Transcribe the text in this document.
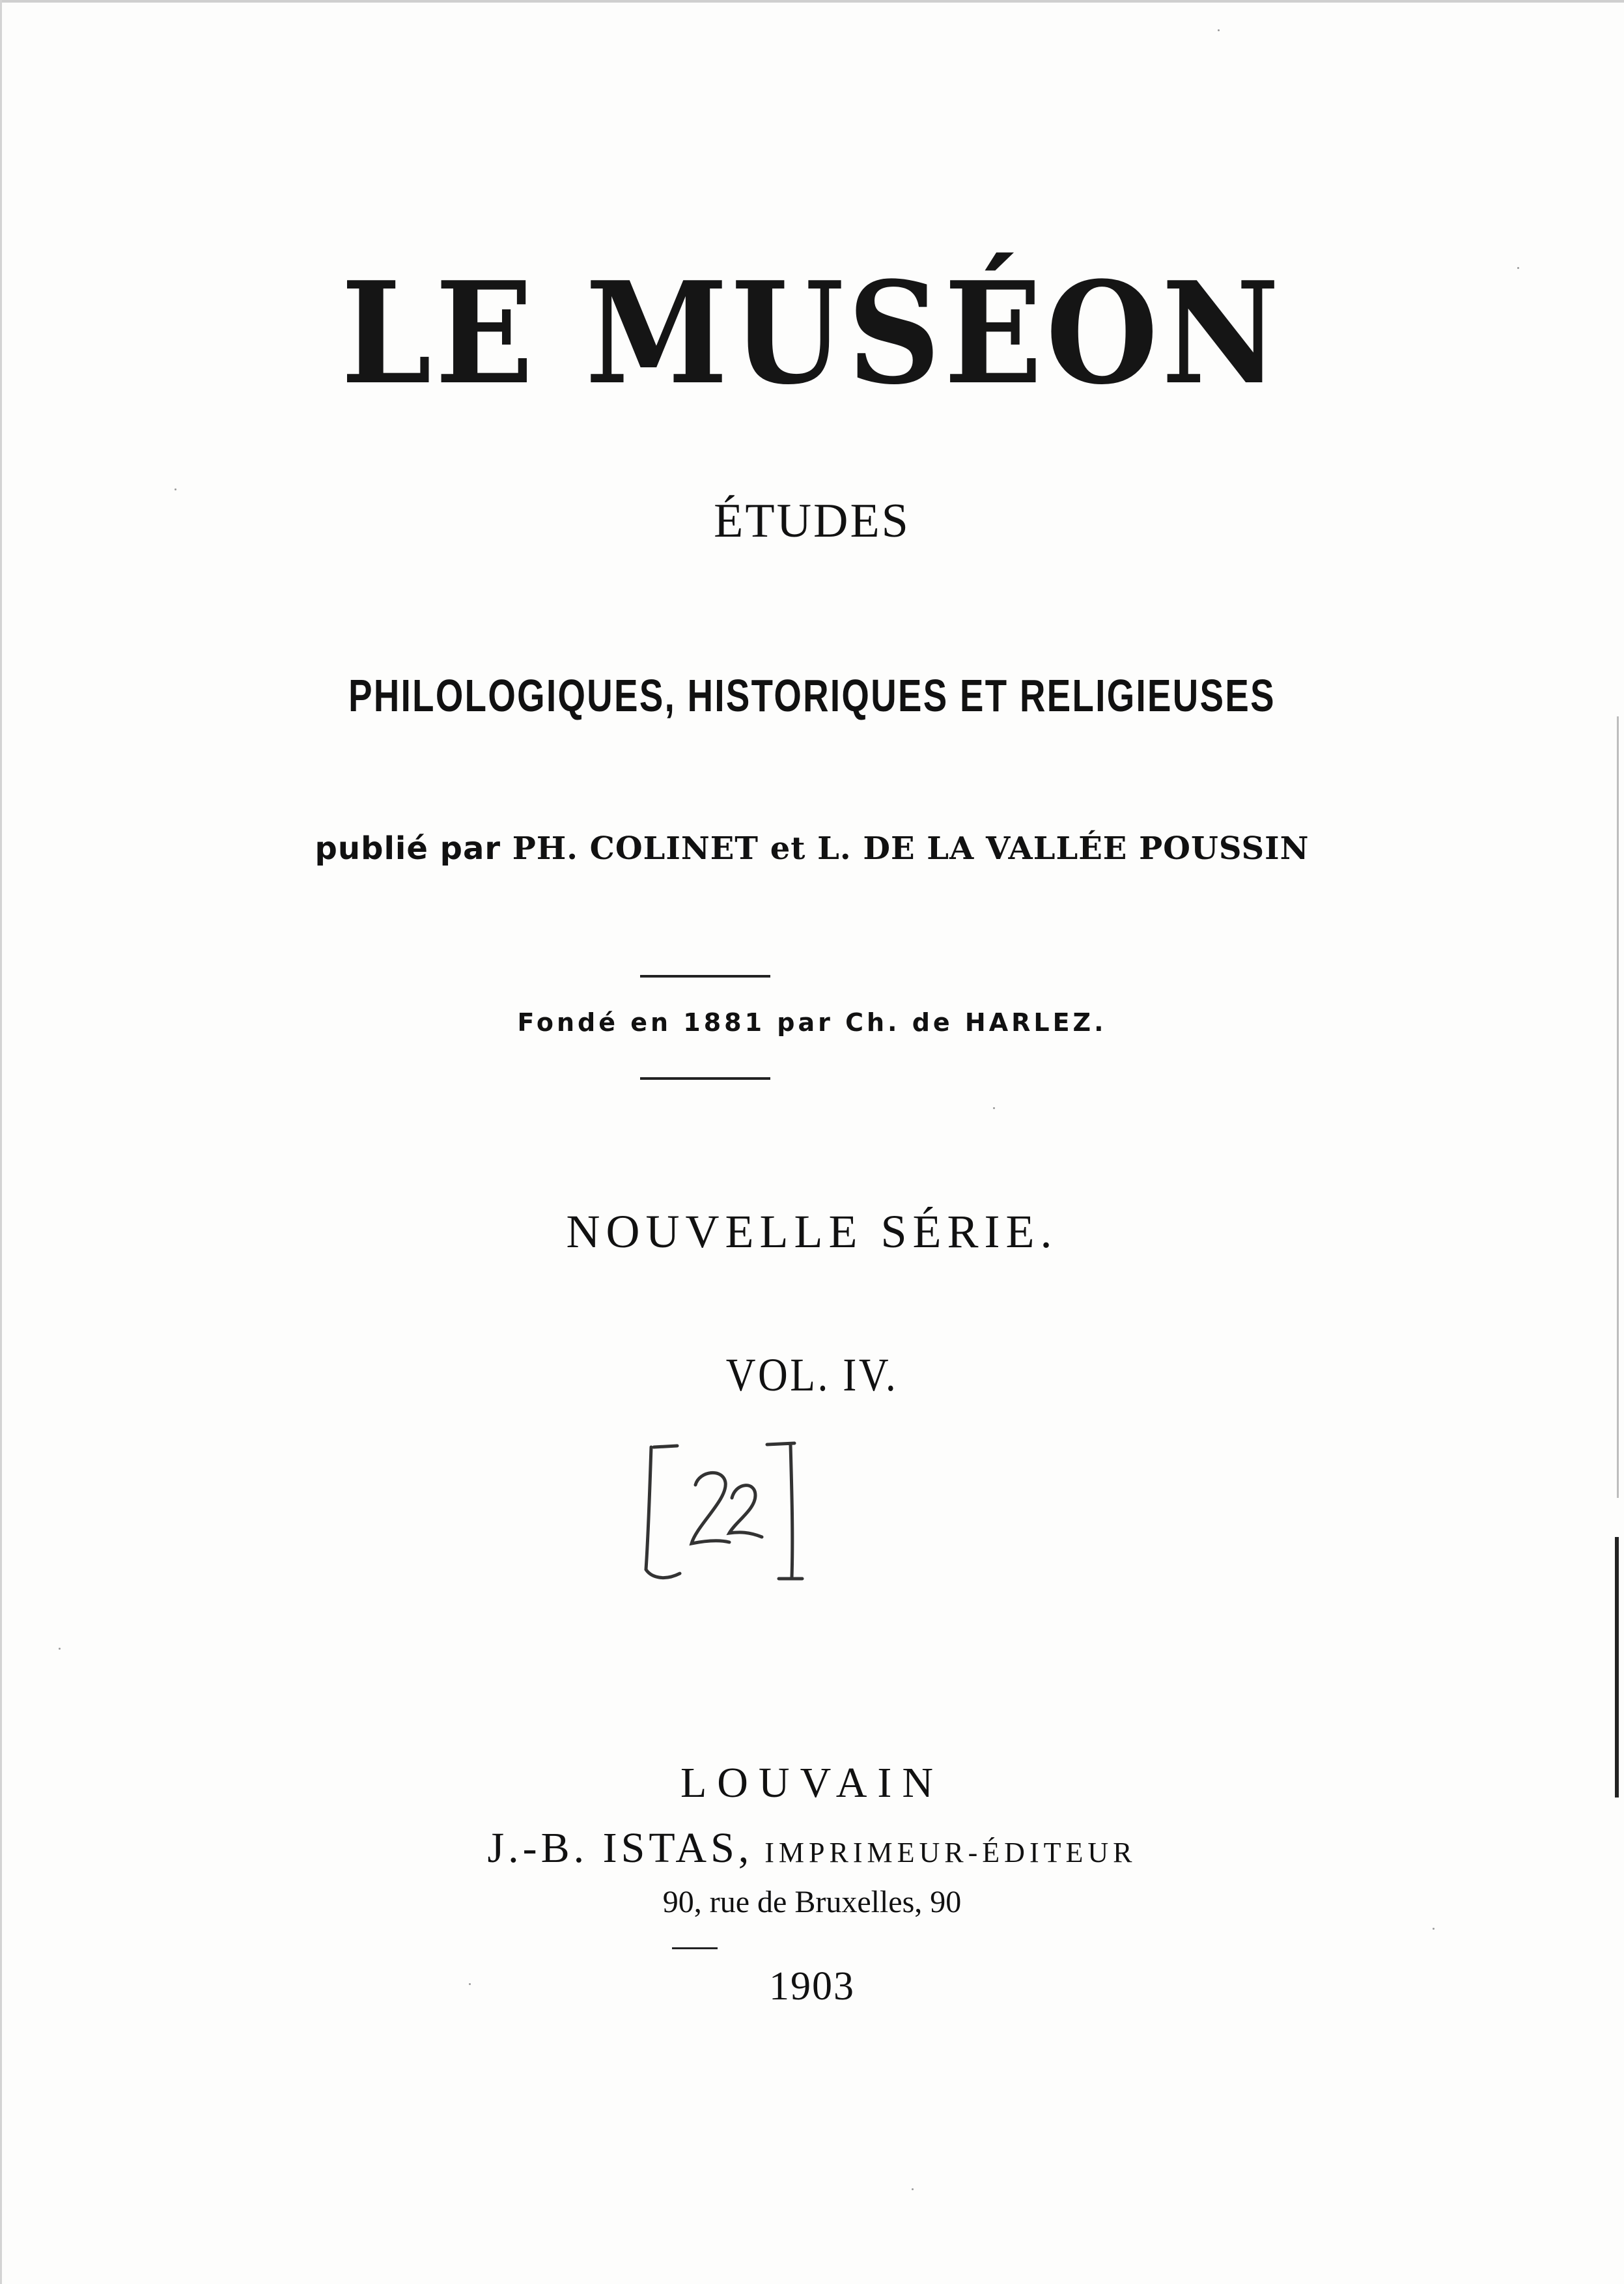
LE MUSÉON
ÉTUDES
PHILOLOGIQUES, HISTORIQUES ET RELIGIEUSES
publié par PH. COLINET et L. DE LA VALLÉE POUSSIN
Fondé en 1881 par Ch. de HARLEZ.
NOUVELLE SÉRIE.
VOL. IV.
[22]
LOUVAIN
J.-B. ISTAS, IMPRIMEUR-ÉDITEUR
90, rue de Bruxelles, 90
1903
